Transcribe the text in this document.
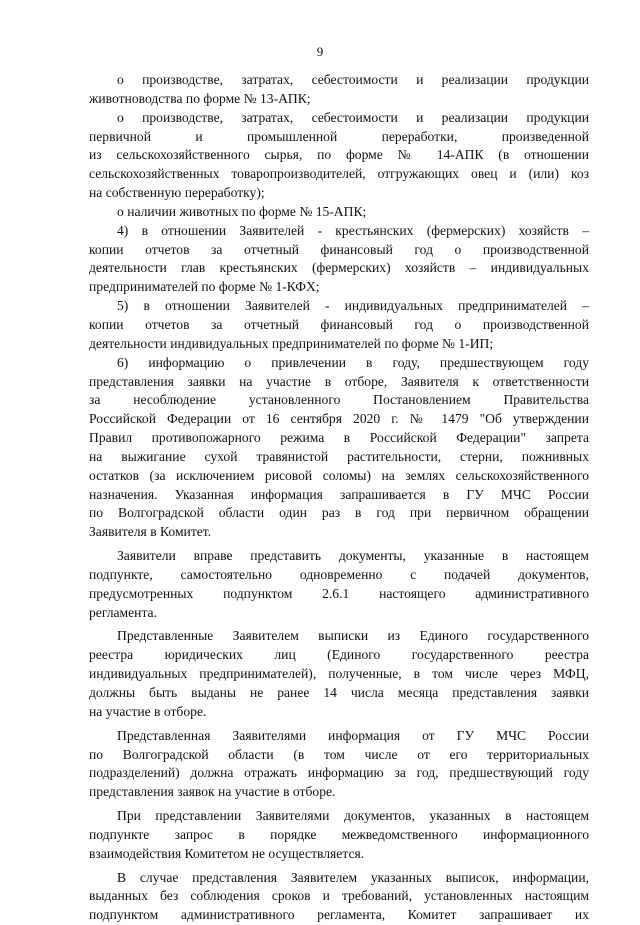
9
о производстве, затратах, себестоимости и реализации продукции
животноводства по форме № 13-АПК;
о производстве, затратах, себестоимости и реализации продукции
первичной и промышленной переработки, произведенной
из сельскохозяйственного сырья, по форме № 14-АПК (в отношении
сельскохозяйственных товаропроизводителей, отгружающих овец и (или) коз
на собственную переработку);
о наличии животных по форме № 15-АПК;
4) в отношении Заявителей - крестьянских (фермерских) хозяйств –
копии отчетов за отчетный финансовый год о производственной
деятельности глав крестьянских (фермерских) хозяйств – индивидуальных
предпринимателей по форме № 1-КФХ;
5) в отношении Заявителей - индивидуальных предпринимателей –
копии отчетов за отчетный финансовый год о производственной
деятельности индивидуальных предпринимателей по форме № 1-ИП;
6) информацию о привлечении в году, предшествующем году
представления заявки на участие в отборе, Заявителя к ответственности
за несоблюдение установленного Постановлением Правительства
Российской Федерации от 16 сентября 2020 г. № 1479 "Об утверждении
Правил противопожарного режима в Российской Федерации" запрета
на выжигание сухой травянистой растительности, стерни, пожнивных
остатков (за исключением рисовой соломы) на землях сельскохозяйственного
назначения. Указанная информация запрашивается в ГУ МЧС России
по Волгоградской области один раз в год при первичном обращении
Заявителя в Комитет.
Заявители вправе представить документы, указанные в настоящем
подпункте, самостоятельно одновременно с подачей документов,
предусмотренных подпунктом 2.6.1 настоящего административного
регламента.
Представленные Заявителем выписки из Единого государственного
реестра юридических лиц (Единого государственного реестра
индивидуальных предпринимателей), полученные, в том числе через МФЦ,
должны быть выданы не ранее 14 числа месяца представления заявки
на участие в отборе.
Представленная Заявителями информация от ГУ МЧС России
по Волгоградской области (в том числе от его территориальных
подразделений) должна отражать информацию за год, предшествующий году
представления заявок на участие в отборе.
При представлении Заявителями документов, указанных в настоящем
подпункте запрос в порядке межведомственного информационного
взаимодействия Комитетом не осуществляется.
В случае представления Заявителем указанных выписок, информации,
выданных без соблюдения сроков и требований, установленных настоящим
подпунктом административного регламента, Комитет запрашивает их
